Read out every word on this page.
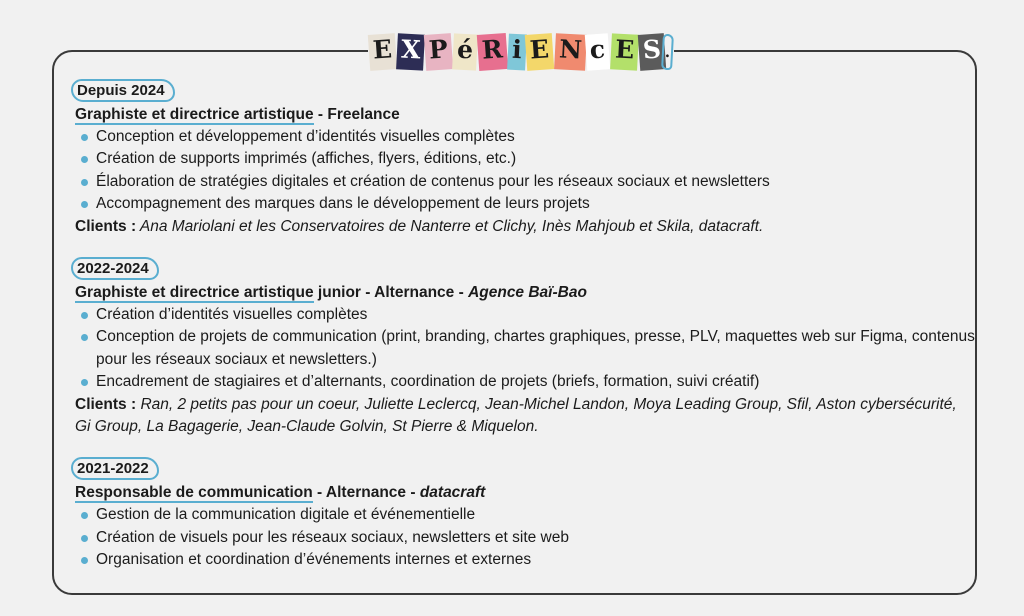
E X P é R i E N c E S .
Depuis 2024
Graphiste et directrice artistique - Freelance
Conception et développement d’identités visuelles complètes
Création de supports imprimés (affiches, flyers, éditions, etc.)
Élaboration de stratégies digitales et création de contenus pour les réseaux sociaux et newsletters
Accompagnement des marques dans le développement de leurs projets
Clients : Ana Mariolani et les Conservatoires de Nanterre et Clichy, Inès Mahjoub et Skila, datacraft.
2022-2024
Graphiste et directrice artistique junior - Alternance - Agence Baï-Bao
Création d’identités visuelles complètes
Conception de projets de communication (print, branding, chartes graphiques, presse, PLV, maquettes web sur Figma, contenus pour les réseaux sociaux et newsletters.)
Encadrement de stagiaires et d’alternants, coordination de projets (briefs, formation, suivi créatif)
Clients : Ran, 2 petits pas pour un coeur, Juliette Leclercq, Jean-Michel Landon, Moya Leading Group, Sfil, Aston cybersécurité, Gi Group, La Bagagerie, Jean-Claude Golvin, St Pierre & Miquelon.
2021-2022
Responsable de communication - Alternance - datacraft
Gestion de la communication digitale et événementielle
Création de visuels pour les réseaux sociaux, newsletters et site web
Organisation et coordination d’événements internes et externes
